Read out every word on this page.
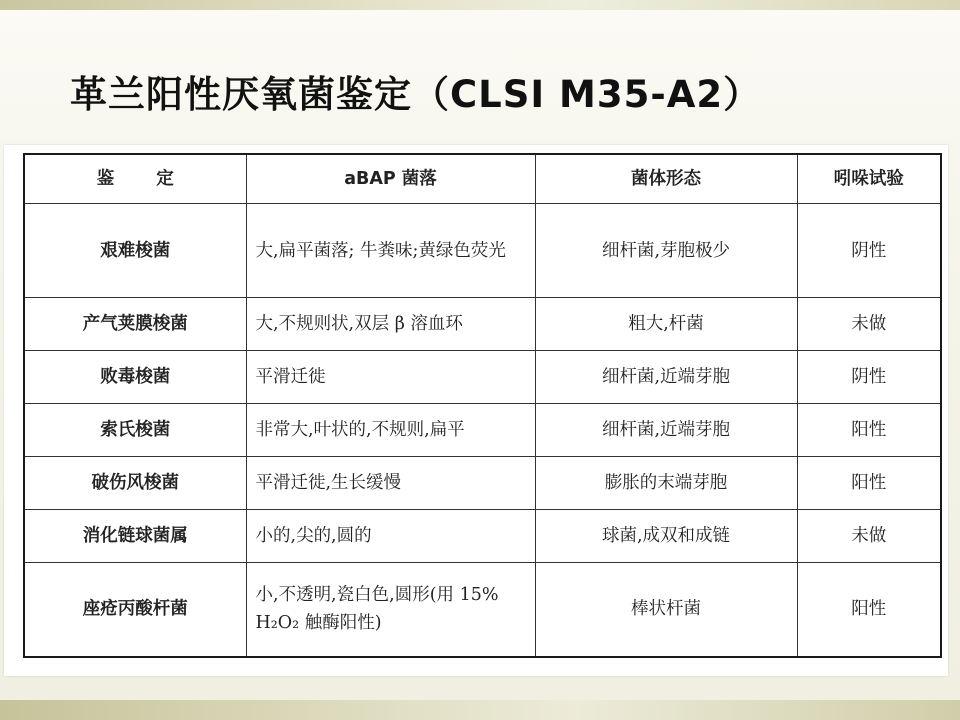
革兰阳性厌氧菌鉴定（CLSI M35-A2）
鉴 定	aBAP 菌落	菌体形态	吲哚试验
艰难梭菌	大,扁平菌落; 牛粪味;黄绿色荧光	细杆菌,芽胞极少	阴性
产气荚膜梭菌	大,不规则状,双层 β 溶血环	粗大,杆菌	未做
败毒梭菌	平滑迁徙	细杆菌,近端芽胞	阴性
索氏梭菌	非常大,叶状的,不规则,扁平	细杆菌,近端芽胞	阳性
破伤风梭菌	平滑迁徙,生长缓慢	膨胀的末端芽胞	阳性
消化链球菌属	小的,尖的,圆的	球菌,成双和成链	未做
座疮丙酸杆菌	小,不透明,瓷白色,圆形(用 15% H₂O₂ 触酶阳性)	棒状杆菌	阳性
